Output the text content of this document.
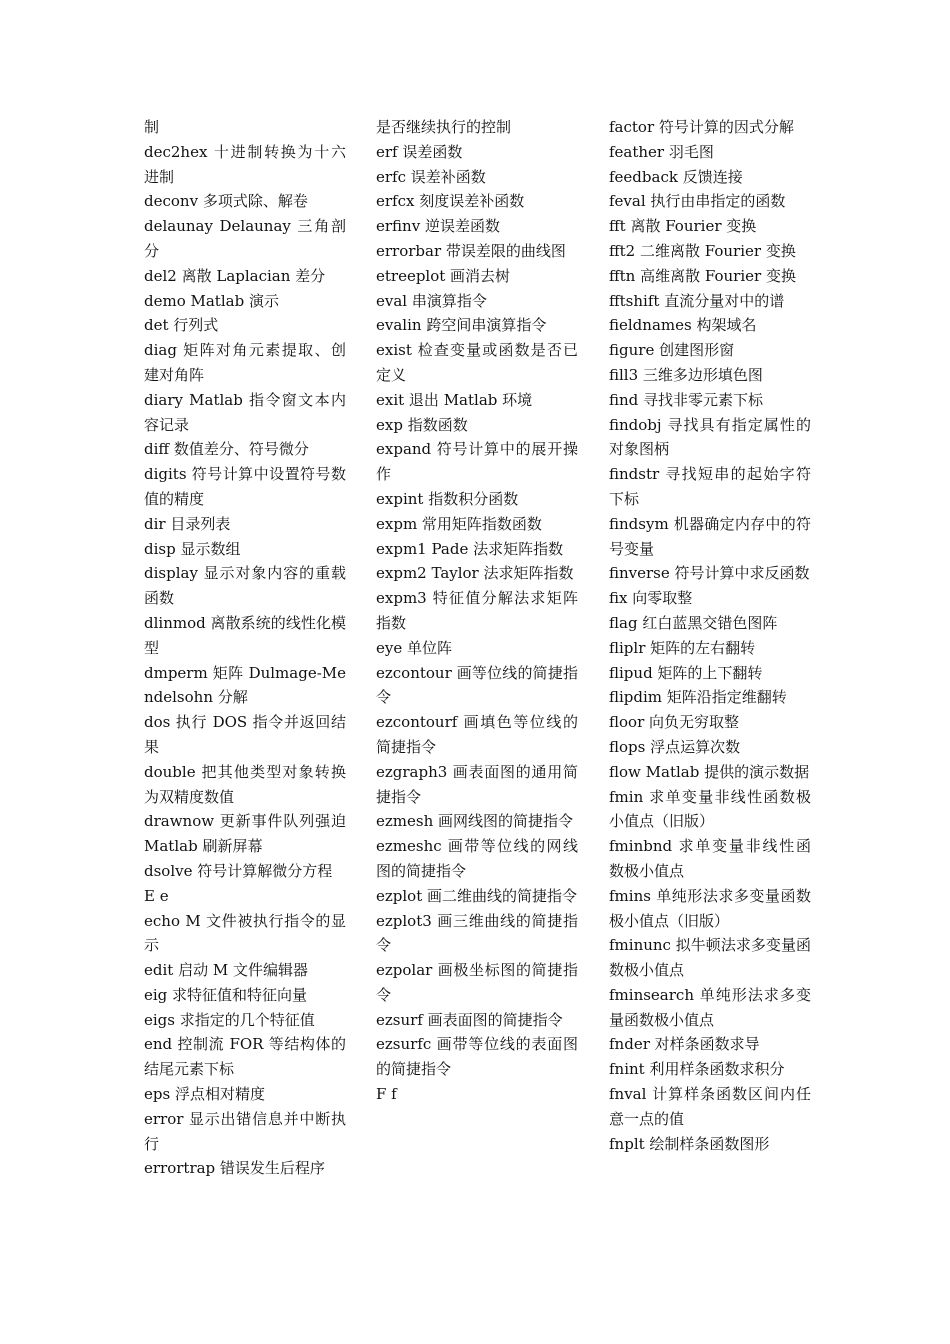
制
dec2hex 十进制转换为十六进制
deconv 多项式除、解卷
delaunay Delaunay 三角剖分
del2 离散 Laplacian 差分
demo Matlab 演示
det 行列式
diag 矩阵对角元素提取、创建对角阵
diary Matlab 指令窗文本内容记录
diff 数值差分、符号微分
digits 符号计算中设置符号数值的精度
dir 目录列表
disp 显示数组
display 显示对象内容的重载函数
dlinmod 离散系统的线性化模型
dmperm 矩阵 Dulmage-Mendelsohn 分解
dos 执行 DOS 指令并返回结果
double 把其他类型对象转换为双精度数值
drawnow 更新事件队列强迫 Matlab 刷新屏幕
dsolve 符号计算解微分方程
E e
echo M 文件被执行指令的显示
edit 启动 M 文件编辑器
eig 求特征值和特征向量
eigs 求指定的几个特征值
end 控制流 FOR 等结构体的结尾元素下标
eps 浮点相对精度
error 显示出错信息并中断执行
errortrap 错误发生后程序
是否继续执行的控制
erf 误差函数
erfc 误差补函数
erfcx 刻度误差补函数
erfinv 逆误差函数
errorbar 带误差限的曲线图
etreeplot 画消去树
eval 串演算指令
evalin 跨空间串演算指令
exist 检查变量或函数是否已定义
exit 退出 Matlab 环境
exp 指数函数
expand 符号计算中的展开操作
expint 指数积分函数
expm 常用矩阵指数函数
expm1 Pade 法求矩阵指数
expm2 Taylor 法求矩阵指数
expm3 特征值分解法求矩阵指数
eye 单位阵
ezcontour 画等位线的简捷指令
ezcontourf 画填色等位线的简捷指令
ezgraph3 画表面图的通用简捷指令
ezmesh 画网线图的简捷指令
ezmeshc 画带等位线的网线图的简捷指令
ezplot 画二维曲线的简捷指令
ezplot3 画三维曲线的简捷指令
ezpolar 画极坐标图的简捷指令
ezsurf 画表面图的简捷指令
ezsurfc 画带等位线的表面图的简捷指令
F f
factor 符号计算的因式分解
feather 羽毛图
feedback 反馈连接
feval 执行由串指定的函数
fft 离散 Fourier 变换
fft2 二维离散 Fourier 变换
fftn 高维离散 Fourier 变换
fftshift 直流分量对中的谱
fieldnames 构架域名
figure 创建图形窗
fill3 三维多边形填色图
find 寻找非零元素下标
findobj 寻找具有指定属性的对象图柄
findstr 寻找短串的起始字符下标
findsym 机器确定内存中的符号变量
finverse 符号计算中求反函数
fix 向零取整
flag 红白蓝黑交错色图阵
fliplr 矩阵的左右翻转
flipud 矩阵的上下翻转
flipdim 矩阵沿指定维翻转
floor 向负无穷取整
flops 浮点运算次数
flow Matlab 提供的演示数据
fmin 求单变量非线性函数极小值点（旧版）
fminbnd 求单变量非线性函数极小值点
fmins 单纯形法求多变量函数极小值点（旧版）
fminunc 拟牛顿法求多变量函数极小值点
fminsearch 单纯形法求多变量函数极小值点
fnder 对样条函数求导
fnint 利用样条函数求积分
fnval 计算样条函数区间内任意一点的值
fnplt 绘制样条函数图形
